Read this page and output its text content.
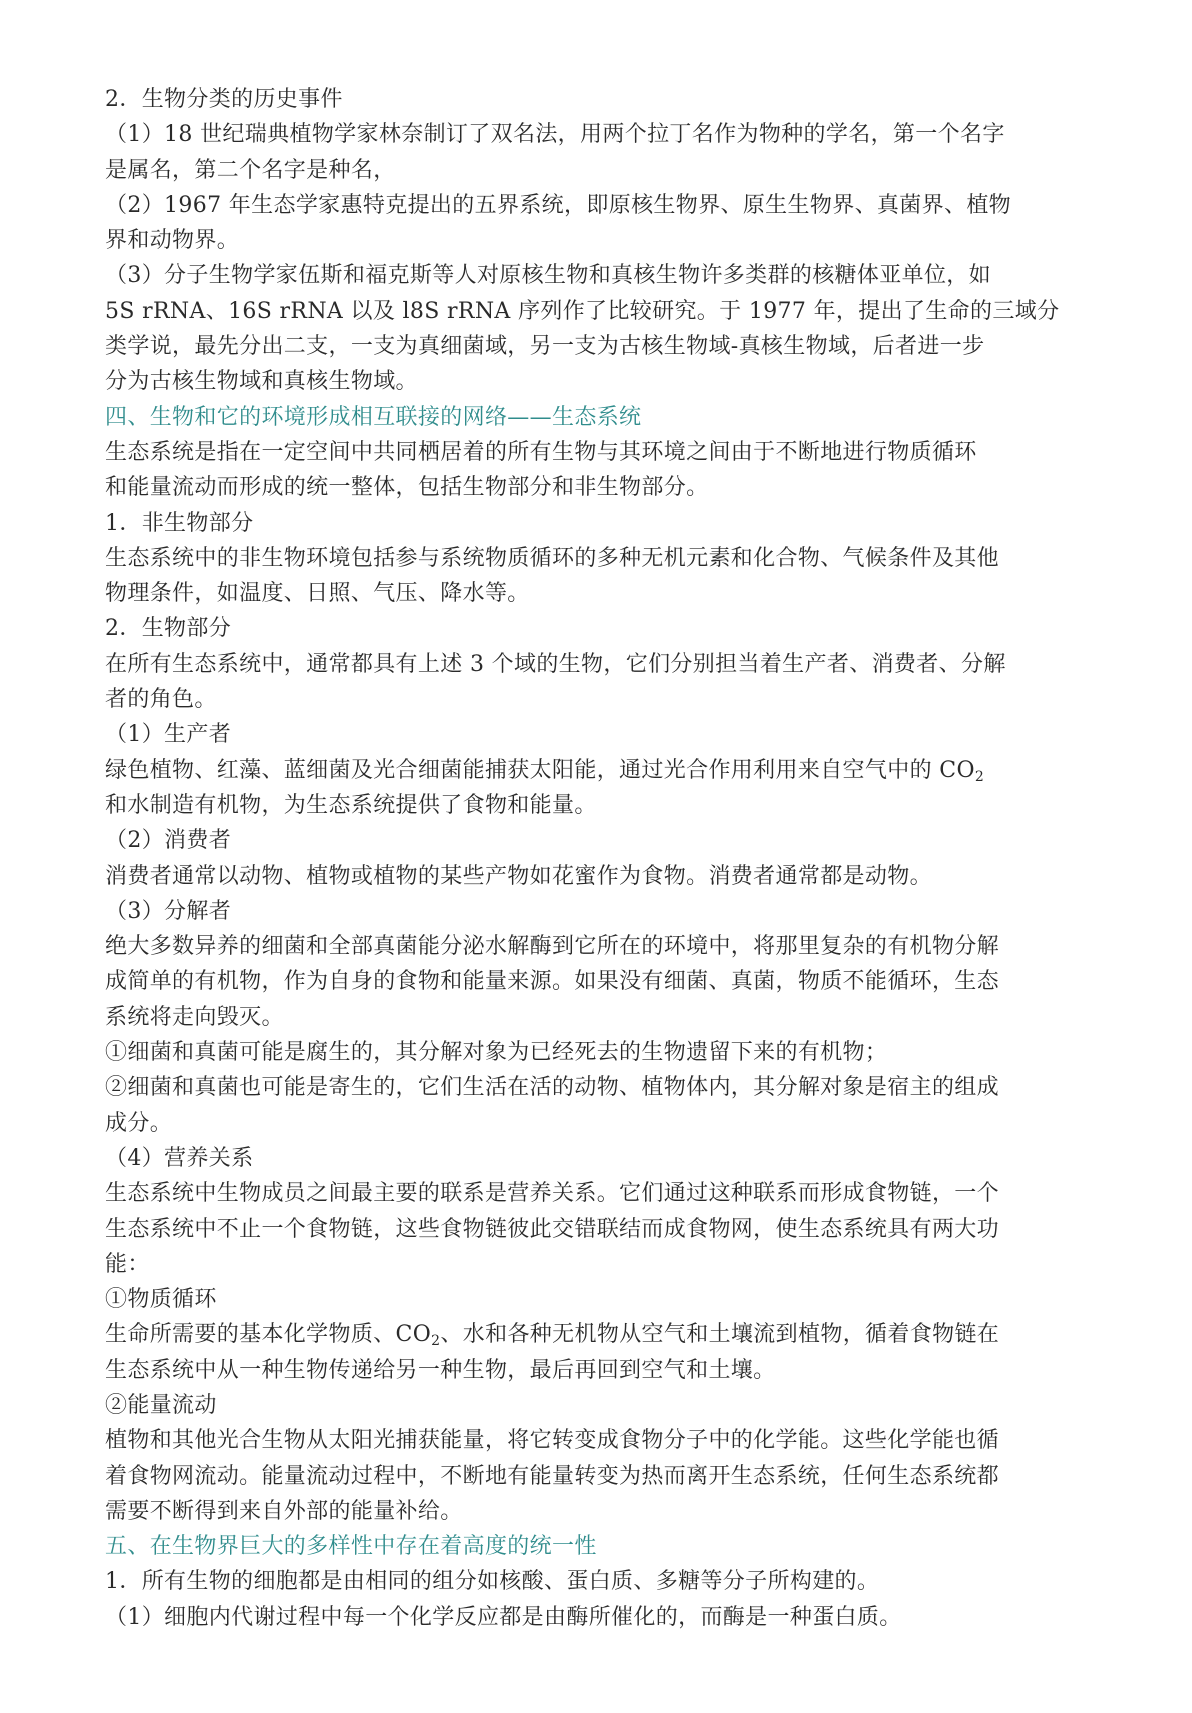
2．生物分类的历史事件
（1）18 世纪瑞典植物学家林奈制订了双名法，用两个拉丁名作为物种的学名，第一个名字
是属名，第二个名字是种名，
（2）1967 年生态学家惠特克提出的五界系统，即原核生物界、原生生物界、真菌界、植物
界和动物界。
（3）分子生物学家伍斯和福克斯等人对原核生物和真核生物许多类群的核糖体亚单位，如
5S rRNA、16S rRNA 以及 l8S rRNA 序列作了比较研究。于 1977 年，提出了生命的三域分
类学说，最先分出二支，一支为真细菌域，另一支为古核生物域-真核生物域，后者进一步
分为古核生物域和真核生物域。
四、生物和它的环境形成相互联接的网络——生态系统
生态系统是指在一定空间中共同栖居着的所有生物与其环境之间由于不断地进行物质循环
和能量流动而形成的统一整体，包括生物部分和非生物部分。
1．非生物部分
生态系统中的非生物环境包括参与系统物质循环的多种无机元素和化合物、气候条件及其他
物理条件，如温度、日照、气压、降水等。
2．生物部分
在所有生态系统中，通常都具有上述 3 个域的生物，它们分别担当着生产者、消费者、分解
者的角色。
（1）生产者
绿色植物、红藻、蓝细菌及光合细菌能捕获太阳能，通过光合作用利用来自空气中的 $CO_2$
和水制造有机物，为生态系统提供了食物和能量。
（2）消费者
消费者通常以动物、植物或植物的某些产物如花蜜作为食物。消费者通常都是动物。
（3）分解者
绝大多数异养的细菌和全部真菌能分泌水解酶到它所在的环境中，将那里复杂的有机物分解
成简单的有机物，作为自身的食物和能量来源。如果没有细菌、真菌，物质不能循环，生态
系统将走向毁灭。
①细菌和真菌可能是腐生的，其分解对象为已经死去的生物遗留下来的有机物；
②细菌和真菌也可能是寄生的，它们生活在活的动物、植物体内，其分解对象是宿主的组成
成分。
（4）营养关系
生态系统中生物成员之间最主要的联系是营养关系。它们通过这种联系而形成食物链，一个
生态系统中不止一个食物链，这些食物链彼此交错联结而成食物网，使生态系统具有两大功
能：
①物质循环
生命所需要的基本化学物质、$CO_2$、水和各种无机物从空气和土壤流到植物，循着食物链在
生态系统中从一种生物传递给另一种生物，最后再回到空气和土壤。
②能量流动
植物和其他光合生物从太阳光捕获能量，将它转变成食物分子中的化学能。这些化学能也循
着食物网流动。能量流动过程中，不断地有能量转变为热而离开生态系统，任何生态系统都
需要不断得到来自外部的能量补给。
五、在生物界巨大的多样性中存在着高度的统一性
1．所有生物的细胞都是由相同的组分如核酸、蛋白质、多糖等分子所构建的。
（1）细胞内代谢过程中每一个化学反应都是由酶所催化的，而酶是一种蛋白质。
